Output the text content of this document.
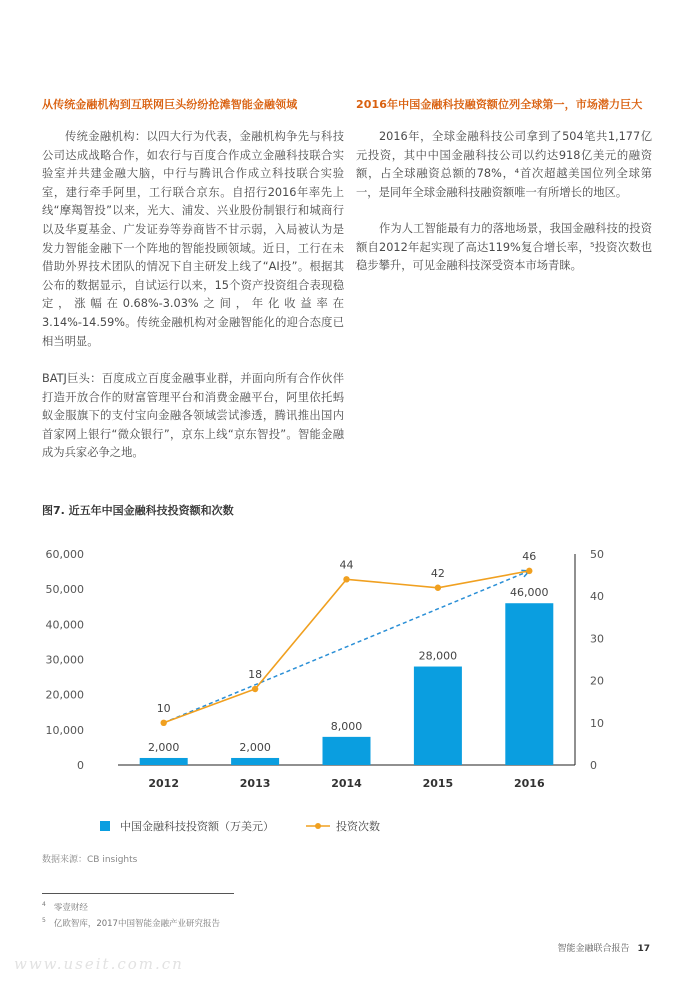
从传统金融机构到互联网巨头纷纷抢滩智能金融领域

传统金融机构：以四大行为代表，金融机构争先与科技公司达成战略合作，如农行与百度合作成立金融科技联合实验室并共建金融大脑，中行与腾讯合作成立科技联合实验室，建行牵手阿里，工行联合京东。自招行2016年率先上线“摩羯智投”以来，光大、浦发、兴业股份制银行和城商行以及华夏基金、广发证券等券商皆不甘示弱，入局被认为是发力智能金融下一个阵地的智能投顾领域。近日，工行在未借助外界技术团队的情况下自主研发上线了“AI投”。根据其公布的数据显示，自试运行以来，15个资产投资组合表现稳定，涨幅在0.68%-3.03%之间，年化收益率在3.14%-14.59%。传统金融机构对金融智能化的迎合态度已相当明显。

BATJ巨头：百度成立百度金融事业群，并面向所有合作伙伴打造开放合作的财富管理平台和消费金融平台，阿里依托蚂蚁金服旗下的支付宝向金融各领域尝试渗透，腾讯推出国内首家网上银行“微众银行”，京东上线“京东智投”。智能金融成为兵家必争之地。

2016年中国金融科技融资额位列全球第一，市场潜力巨大

2016年，全球金融科技公司拿到了504笔共1,177亿元投资，其中中国金融科技公司以约达918亿美元的融资额，占全球融资总额的78%，⁴首次超越美国位列全球第一，是同年全球金融科技融资额唯一有所增长的地区。

作为人工智能最有力的落地场景，我国金融科技的投资额自2012年起实现了高达119%复合增长率，⁵投资次数也稳步攀升，可见金融科技深受资本市场青睐。

图7. 近五年中国金融科技投资额和次数
0
10,000
20,000
30,000
40,000
50,000
60,000
0
10
20
30
40
50
2,000	2,000
8,000
28,000
46,000
2012	2013	2014	2015	2016
10
18
44
42
46
中国金融科技投资额（万美元）	投资次数
数据来源：CB insights
$^4$ 零壹财经
$^5$ 亿欧智库，2017中国智能金融产业研究报告
智能金融联合报告 17
www.useit.com.cn
